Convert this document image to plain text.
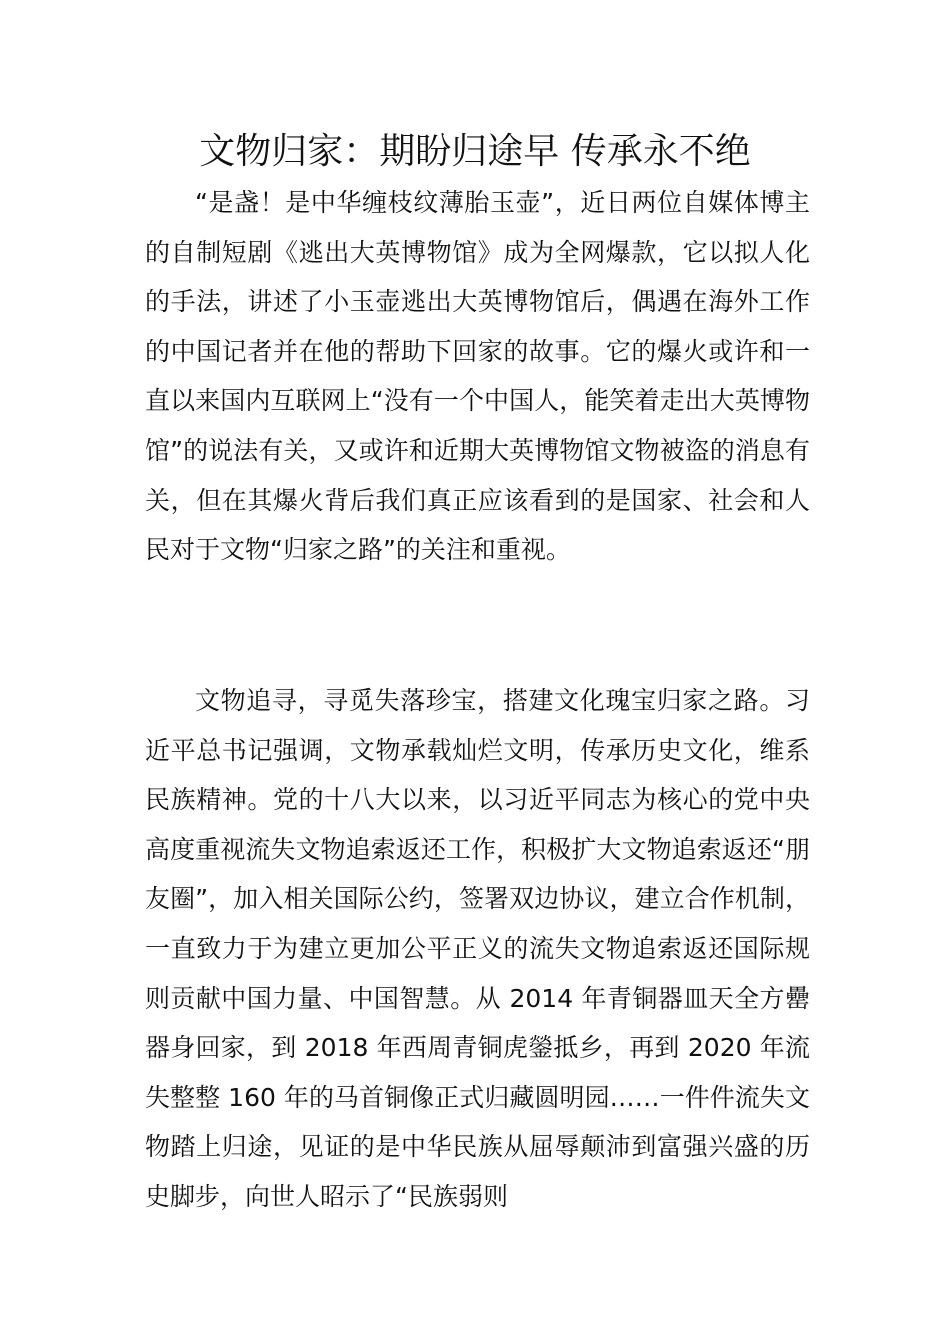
文物归家：期盼归途早 传承永不绝

“是盏！是中华缠枝纹薄胎玉壶”，近日两位自媒体博主的自制短剧《逃出大英博物馆》成为全网爆款，它以拟人化的手法，讲述了小玉壶逃出大英博物馆后，偶遇在海外工作的中国记者并在他的帮助下回家的故事。它的爆火或许和一直以来国内互联网上“没有一个中国人，能笑着走出大英博物馆”的说法有关，又或许和近期大英博物馆文物被盗的消息有关，但在其爆火背后我们真正应该看到的是国家、社会和人民对于文物“归家之路”的关注和重视。

文物追寻，寻觅失落珍宝，搭建文化瑰宝归家之路。习近平总书记强调，文物承载灿烂文明，传承历史文化，维系民族精神。党的十八大以来，以习近平同志为核心的党中央高度重视流失文物追索返还工作，积极扩大文物追索返还“朋友圈”，加入相关国际公约，签署双边协议，建立合作机制，一直致力于为建立更加公平正义的流失文物追索返还国际规则贡献中国力量、中国智慧。从 2014 年青铜器皿天全方罍器身回家，到 2018 年西周青铜虎鎣抵乡，再到 2020 年流失整整 160 年的马首铜像正式归藏圆明园……一件件流失文物踏上归途，见证的是中华民族从屈辱颠沛到富强兴盛的历史脚步，向世人昭示了“民族弱则
